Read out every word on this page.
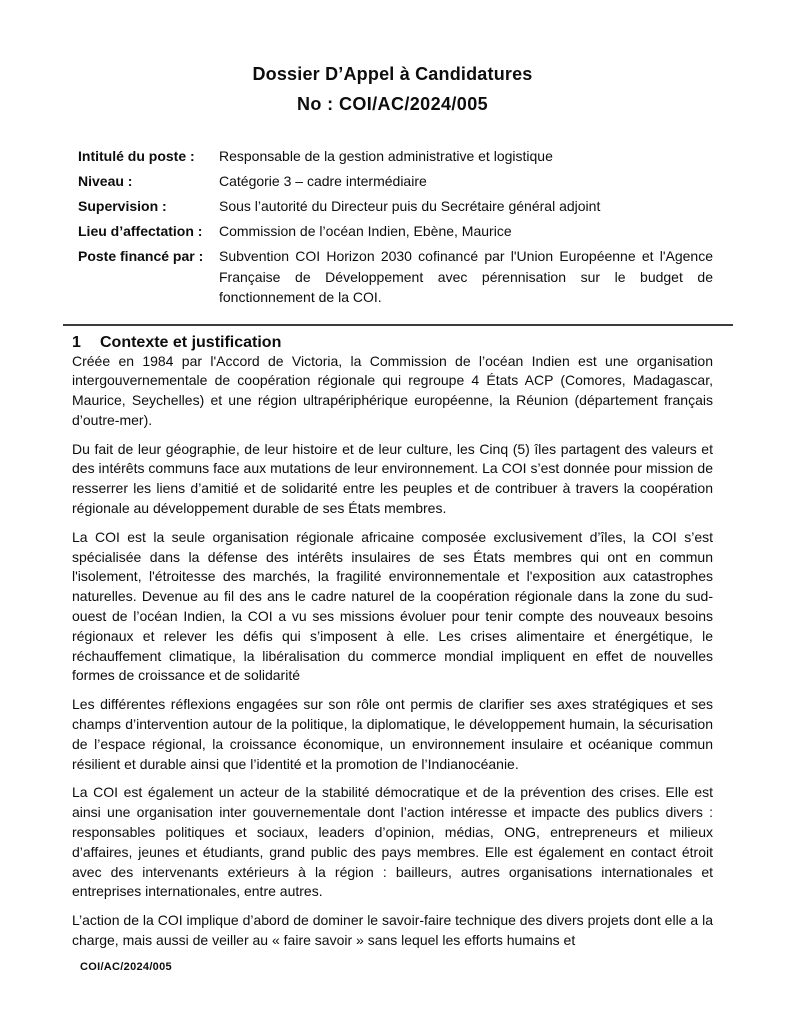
Dossier D’Appel à Candidatures
No : COI/AC/2024/005
Intitulé du poste :	Responsable de la gestion administrative et logistique
Niveau :	Catégorie 3 – cadre intermédiaire
Supervision :	Sous l’autorité du Directeur puis du Secrétaire général adjoint
Lieu d’affectation :	Commission de l’océan Indien, Ebène, Maurice
Poste financé par :	Subvention COI Horizon 2030 cofinancé par l'Union Européenne et l'Agence Française de Développement avec pérennisation sur le budget de fonctionnement de la COI.
1 Contexte et justification

Créée en 1984 par l'Accord de Victoria, la Commission de l’océan Indien est une organisation intergouvernementale de coopération régionale qui regroupe 4 États ACP (Comores, Madagascar, Maurice, Seychelles) et une région ultrapériphérique européenne, la Réunion (département français d’outre-mer).

Du fait de leur géographie, de leur histoire et de leur culture, les Cinq (5) îles partagent des valeurs et des intérêts communs face aux mutations de leur environnement. La COI s’est donnée pour mission de resserrer les liens d’amitié et de solidarité entre les peuples et de contribuer à travers la coopération régionale au développement durable de ses États membres.

La COI est la seule organisation régionale africaine composée exclusivement d’îles, la COI s’est spécialisée dans la défense des intérêts insulaires de ses États membres qui ont en commun l'isolement, l'étroitesse des marchés, la fragilité environnementale et l'exposition aux catastrophes naturelles. Devenue au fil des ans le cadre naturel de la coopération régionale dans la zone du sud-ouest de l’océan Indien, la COI a vu ses missions évoluer pour tenir compte des nouveaux besoins régionaux et relever les défis qui s’imposent à elle. Les crises alimentaire et énergétique, le réchauffement climatique, la libéralisation du commerce mondial impliquent en effet de nouvelles formes de croissance et de solidarité

Les différentes réflexions engagées sur son rôle ont permis de clarifier ses axes stratégiques et ses champs d’intervention autour de la politique, la diplomatique, le développement humain, la sécurisation de l’espace régional, la croissance économique, un environnement insulaire et océanique commun résilient et durable ainsi que l’identité et la promotion de l’Indianocéanie.

La COI est également un acteur de la stabilité démocratique et de la prévention des crises. Elle est ainsi une organisation inter gouvernementale dont l’action intéresse et impacte des publics divers : responsables politiques et sociaux, leaders d’opinion, médias, ONG, entrepreneurs et milieux d’affaires, jeunes et étudiants, grand public des pays membres. Elle est également en contact étroit avec des intervenants extérieurs à la région : bailleurs, autres organisations internationales et entreprises internationales, entre autres.

L’action de la COI implique d’abord de dominer le savoir-faire technique des divers projets dont elle a la charge, mais aussi de veiller au « faire savoir » sans lequel les efforts humains et

COI/AC/2024/005
